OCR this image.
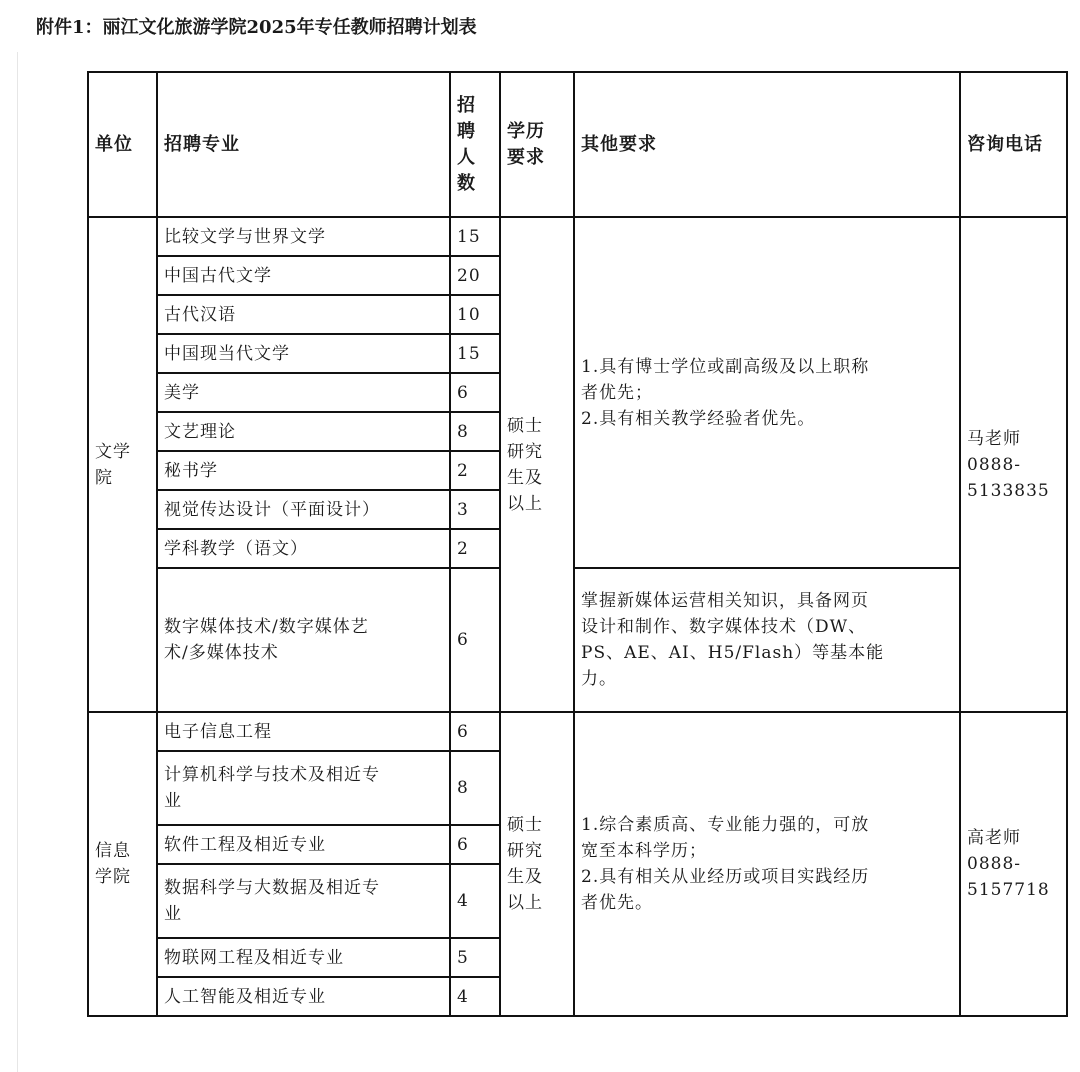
附件1：丽江文化旅游学院2025年专任教师招聘计划表
单位	招聘专业	招
聘
人
数	学历
要求	其他要求	咨询电话
文学
院	比较文学与世界文学	15	硕士
研究
生及
以上	1.具有博士学位或副高级及以上职称
者优先；
2.具有相关教学经验者优先。	马老师
0888-
5133835
	中国古代文学	20			
	古代汉语	10			
	中国现当代文学	15			
	美学	6			
	文艺理论	8			
	秘书学	2			
	视觉传达设计（平面设计）	3			
	学科教学（语文）	2			
	数字媒体技术/数字媒体艺
术/多媒体技术	6		掌握新媒体运营相关知识，具备网页
设计和制作、数字媒体技术（DW、
PS、AE、AI、H5/Flash）等基本能
力。	
信息
学院	电子信息工程	6	硕士
研究
生及
以上	1.综合素质高、专业能力强的，可放
宽至本科学历；
2.具有相关从业经历或项目实践经历
者优先。	高老师
0888-
5157718
	计算机科学与技术及相近专
业	8			
	软件工程及相近专业	6			
	数据科学与大数据及相近专
业	4			
	物联网工程及相近专业	5			
	人工智能及相近专业	4			
